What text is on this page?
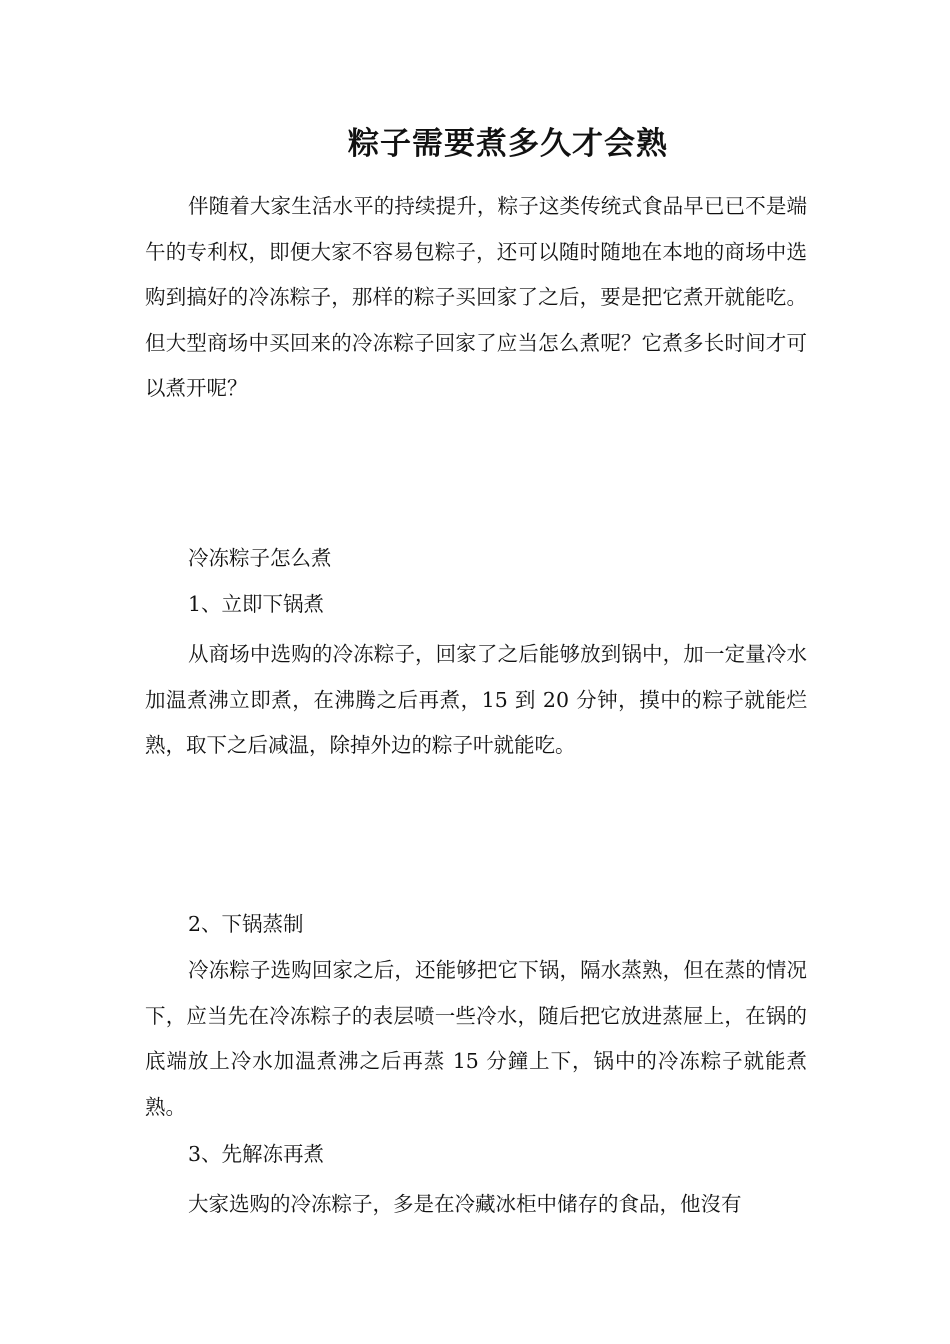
粽子需要煮多久才会熟

伴随着大家生活水平的持续提升，粽子这类传统式食品早已已不是端午的专利权，即便大家不容易包粽子，还可以随时随地在本地的商场中选购到搞好的冷冻粽子，那样的粽子买回家了之后，要是把它煮开就能吃。但大型商场中买回来的冷冻粽子回家了应当怎么煮呢？它煮多长时间才可以煮开呢？

冷冻粽子怎么煮

1、立即下锅煮

从商场中选购的冷冻粽子，回家了之后能够放到锅中，加一定量冷水加温煮沸立即煮，在沸腾之后再煮，15 到 20 分钟，摸中的粽子就能烂熟，取下之后减温，除掉外边的粽子叶就能吃。

2、下锅蒸制

冷冻粽子选购回家之后，还能够把它下锅，隔水蒸熟，但在蒸的情况下，应当先在冷冻粽子的表层喷一些冷水，随后把它放进蒸屉上，在锅的底端放上冷水加温煮沸之后再蒸 15 分鐘上下，锅中的冷冻粽子就能煮熟。

3、先解冻再煮

大家选购的冷冻粽子，多是在冷藏冰柜中储存的食品，他沒有
